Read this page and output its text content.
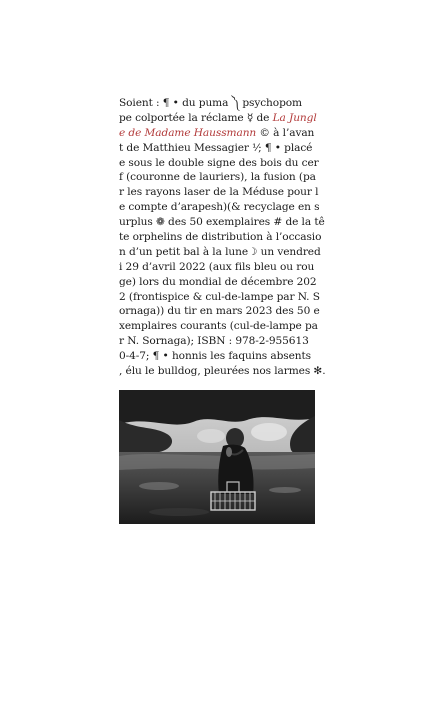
Soient : ¶ • du puma ༽ psychopom
pe colportée la réclame ☿ de La Jungl
e de Madame Haussmann © à l’avan
t de Matthieu Messagier ⅟; ¶ • placé
e sous le double signe des bois du cer
f (couronne de lauriers), la fusion (pa
r les rayons laser de la Méduse pour l
e compte d’arapesh)(& recyclage en s
urplus ❁ des 50 exemplaires # de la tê
te orphelins de distribution à l’occasio
n d’un petit bal à la lune☽ un vendred
i 29 d’avril 2022 (aux fils bleu ou rou
ge) lors du mondial de décembre 202
2 (frontispice & cul-de-lampe par N. S
ornaga)) du tir en mars 2023 des 50 e
xemplaires courants (cul-de-lampe pa
r N. Sornaga); ISBN : 978-2-955613
0-4-7; ¶ • honnis les faquins absents
, élu le bulldog, pleurées nos larmes ✻.
